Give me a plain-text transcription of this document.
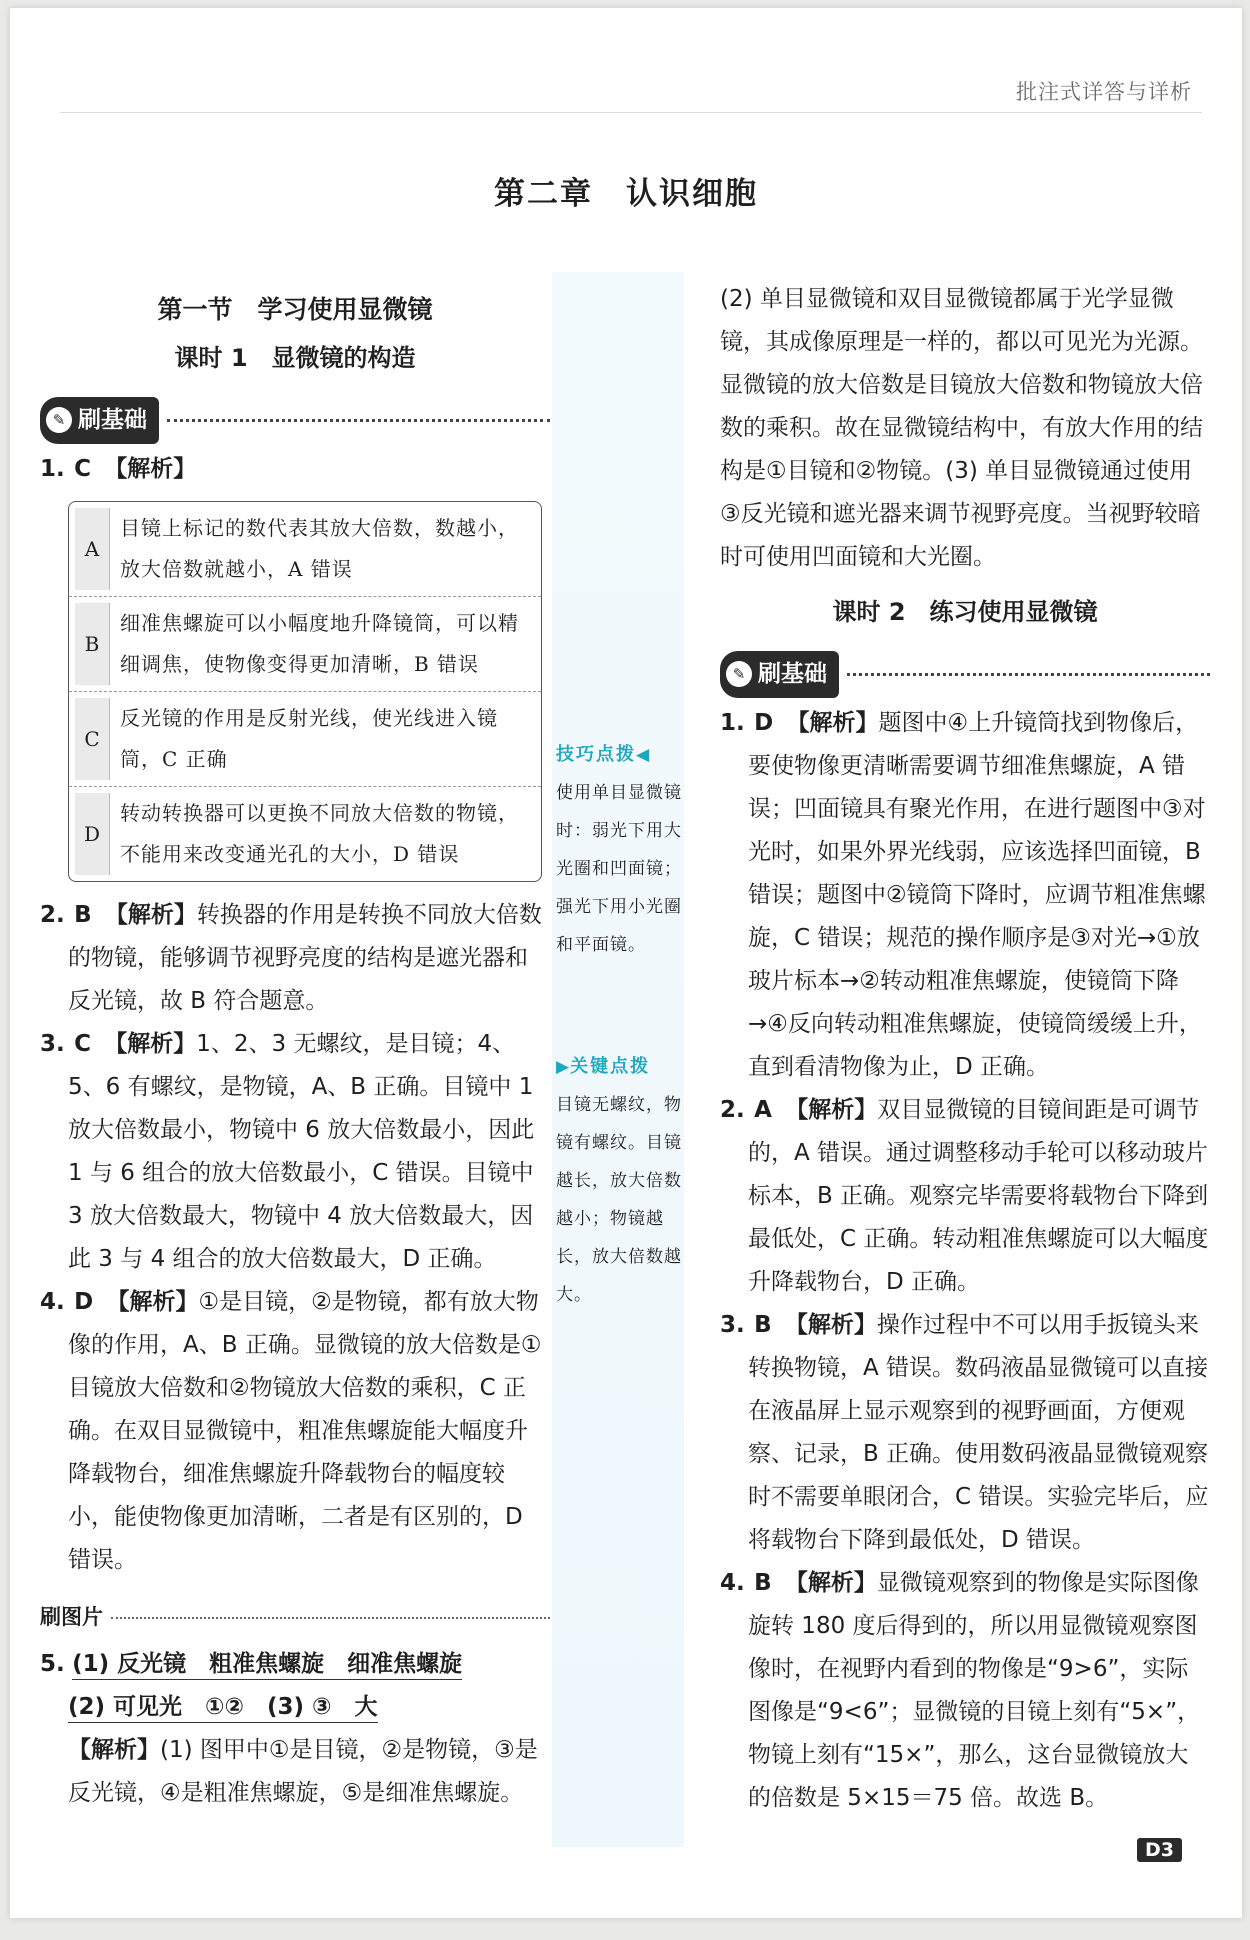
批注式详答与详析
第二章　认识细胞
第一节　学习使用显微镜
课时 1　显微镜的构造
✎ 刷基础
1. C 【解析】
A
目镜上标记的数代表其放大倍数，数越小，放大倍数就越小，A 错误
B
细准焦螺旋可以小幅度地升降镜筒，可以精细调焦，使物像变得更加清晰，B 错误
C
反光镜的作用是反射光线，使光线进入镜筒，C 正确
D
转动转换器可以更换不同放大倍数的物镜，不能用来改变通光孔的大小，D 错误
2. B 【解析】转换器的作用是转换不同放大倍数的物镜，能够调节视野亮度的结构是遮光器和反光镜，故 B 符合题意。
3. C 【解析】1、2、3 无螺纹，是目镜；4、5、6 有螺纹，是物镜，A、B 正确。目镜中 1 放大倍数最小，物镜中 6 放大倍数最小，因此 1 与 6 组合的放大倍数最小，C 错误。目镜中 3 放大倍数最大，物镜中 4 放大倍数最大，因此 3 与 4 组合的放大倍数最大，D 正确。
4. D 【解析】①是目镜，②是物镜，都有放大物像的作用，A、B 正确。显微镜的放大倍数是①目镜放大倍数和②物镜放大倍数的乘积，C 正确。在双目显微镜中，粗准焦螺旋能大幅度升降载物台，细准焦螺旋升降载物台的幅度较小，能使物像更加清晰，二者是有区别的，D 错误。
刷图片
5. (1) 反光镜　粗准焦螺旋　细准焦螺旋
(2) 可见光　①②　(3) ③　大
【解析】(1) 图甲中①是目镜，②是物镜，③是反光镜，④是粗准焦螺旋，⑤是细准焦螺旋。
技巧点拨◀
使用单目显微镜时：弱光下用大光圈和凹面镜；强光下用小光圈和平面镜。
▶关键点拨
目镜无螺纹，物镜有螺纹。目镜越长，放大倍数越小；物镜越长，放大倍数越大。
(2) 单目显微镜和双目显微镜都属于光学显微镜，其成像原理是一样的，都以可见光为光源。显微镜的放大倍数是目镜放大倍数和物镜放大倍数的乘积。故在显微镜结构中，有放大作用的结构是①目镜和②物镜。(3) 单目显微镜通过使用③反光镜和遮光器来调节视野亮度。当视野较暗时可使用凹面镜和大光圈。
课时 2　练习使用显微镜
✎ 刷基础
1. D 【解析】题图中④上升镜筒找到物像后，要使物像更清晰需要调节细准焦螺旋，A 错误；凹面镜具有聚光作用，在进行题图中③对光时，如果外界光线弱，应该选择凹面镜，B 错误；题图中②镜筒下降时，应调节粗准焦螺旋，C 错误；规范的操作顺序是③对光→①放玻片标本→②转动粗准焦螺旋，使镜筒下降→④反向转动粗准焦螺旋，使镜筒缓缓上升，直到看清物像为止，D 正确。
2. A 【解析】双目显微镜的目镜间距是可调节的，A 错误。通过调整移动手轮可以移动玻片标本，B 正确。观察完毕需要将载物台下降到最低处，C 正确。转动粗准焦螺旋可以大幅度升降载物台，D 正确。
3. B 【解析】操作过程中不可以用手扳镜头来转换物镜，A 错误。数码液晶显微镜可以直接在液晶屏上显示观察到的视野画面，方便观察、记录，B 正确。使用数码液晶显微镜观察时不需要单眼闭合，C 错误。实验完毕后，应将载物台下降到最低处，D 错误。
4. B 【解析】显微镜观察到的物像是实际图像旋转 180 度后得到的，所以用显微镜观察图像时，在视野内看到的物像是“9>6”，实际图像是“9<6”；显微镜的目镜上刻有“5×”，物镜上刻有“15×”，那么，这台显微镜放大的倍数是 5×15＝75 倍。故选 B。
D3
